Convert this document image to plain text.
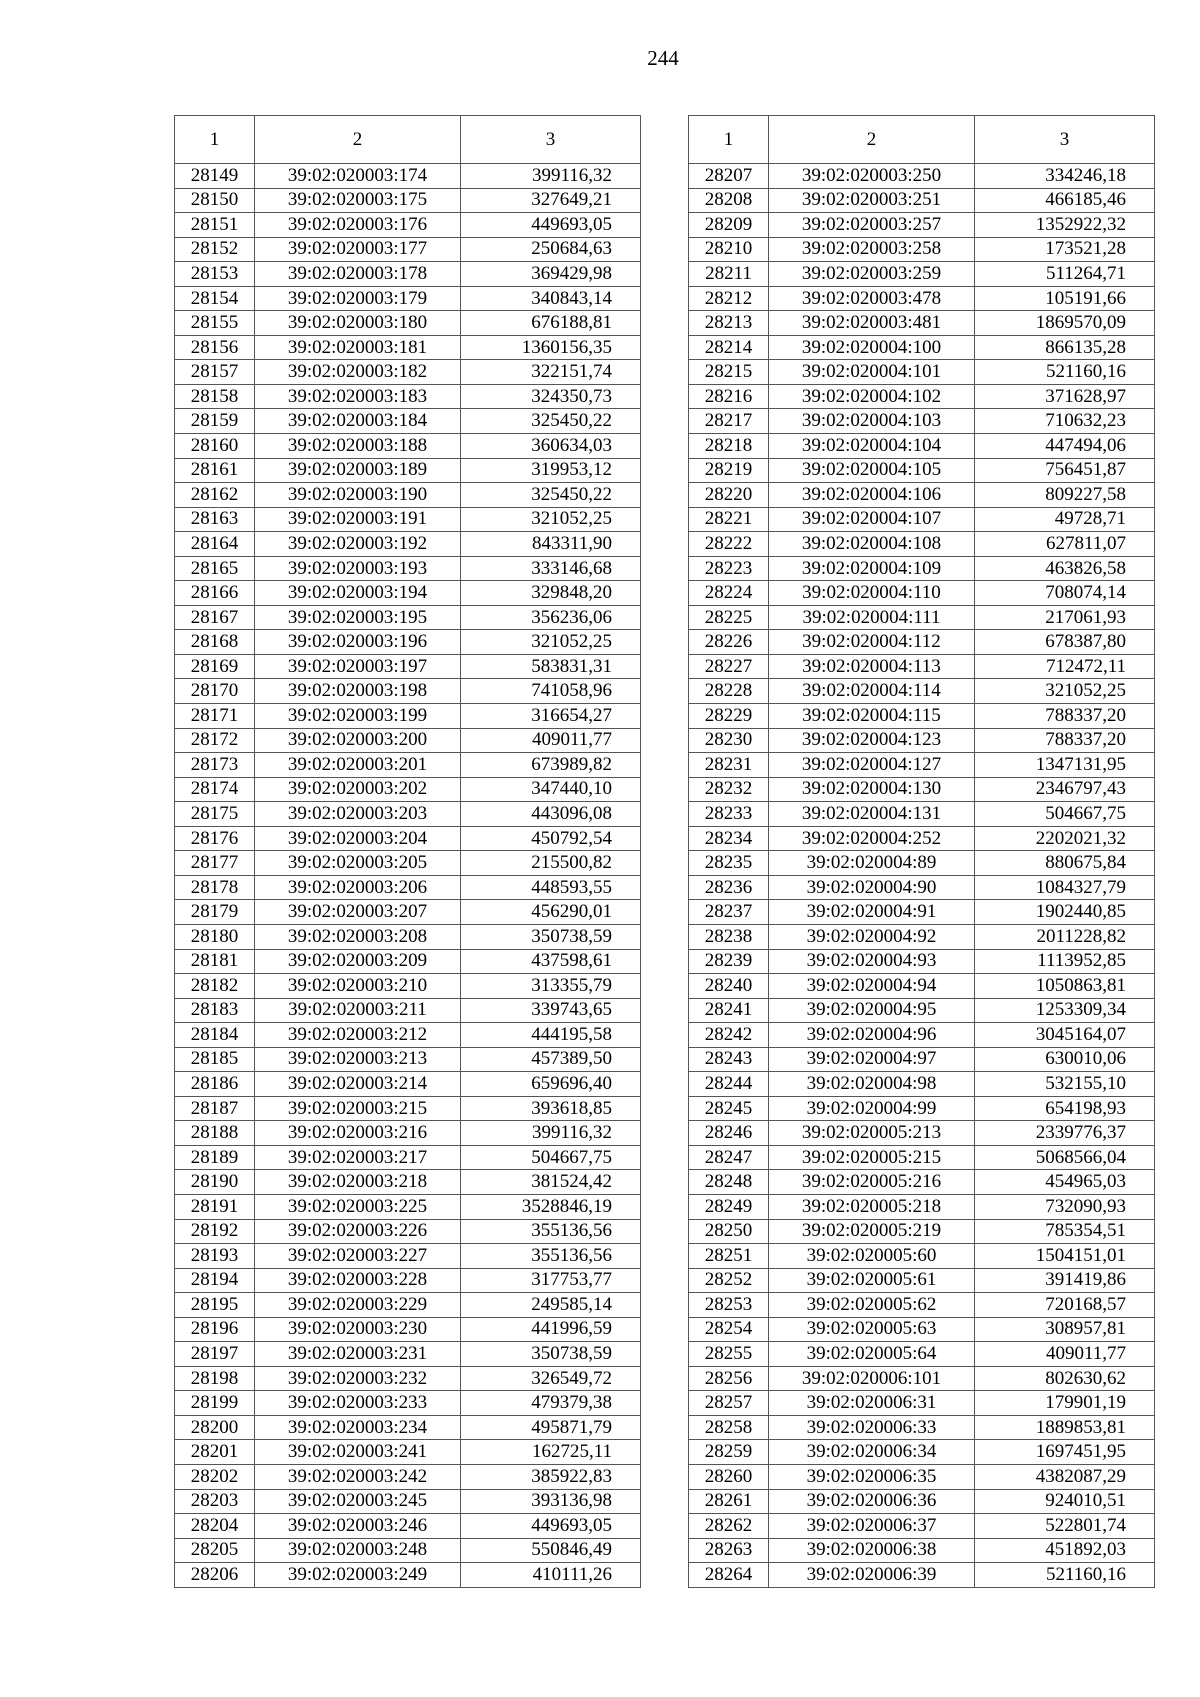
244
1	2	3
28149	39:02:020003:174	399116,32
28150	39:02:020003:175	327649,21
28151	39:02:020003:176	449693,05
28152	39:02:020003:177	250684,63
28153	39:02:020003:178	369429,98
28154	39:02:020003:179	340843,14
28155	39:02:020003:180	676188,81
28156	39:02:020003:181	1360156,35
28157	39:02:020003:182	322151,74
28158	39:02:020003:183	324350,73
28159	39:02:020003:184	325450,22
28160	39:02:020003:188	360634,03
28161	39:02:020003:189	319953,12
28162	39:02:020003:190	325450,22
28163	39:02:020003:191	321052,25
28164	39:02:020003:192	843311,90
28165	39:02:020003:193	333146,68
28166	39:02:020003:194	329848,20
28167	39:02:020003:195	356236,06
28168	39:02:020003:196	321052,25
28169	39:02:020003:197	583831,31
28170	39:02:020003:198	741058,96
28171	39:02:020003:199	316654,27
28172	39:02:020003:200	409011,77
28173	39:02:020003:201	673989,82
28174	39:02:020003:202	347440,10
28175	39:02:020003:203	443096,08
28176	39:02:020003:204	450792,54
28177	39:02:020003:205	215500,82
28178	39:02:020003:206	448593,55
28179	39:02:020003:207	456290,01
28180	39:02:020003:208	350738,59
28181	39:02:020003:209	437598,61
28182	39:02:020003:210	313355,79
28183	39:02:020003:211	339743,65
28184	39:02:020003:212	444195,58
28185	39:02:020003:213	457389,50
28186	39:02:020003:214	659696,40
28187	39:02:020003:215	393618,85
28188	39:02:020003:216	399116,32
28189	39:02:020003:217	504667,75
28190	39:02:020003:218	381524,42
28191	39:02:020003:225	3528846,19
28192	39:02:020003:226	355136,56
28193	39:02:020003:227	355136,56
28194	39:02:020003:228	317753,77
28195	39:02:020003:229	249585,14
28196	39:02:020003:230	441996,59
28197	39:02:020003:231	350738,59
28198	39:02:020003:232	326549,72
28199	39:02:020003:233	479379,38
28200	39:02:020003:234	495871,79
28201	39:02:020003:241	162725,11
28202	39:02:020003:242	385922,83
28203	39:02:020003:245	393136,98
28204	39:02:020003:246	449693,05
28205	39:02:020003:248	550846,49
28206	39:02:020003:249	410111,26
1	2	3
28207	39:02:020003:250	334246,18
28208	39:02:020003:251	466185,46
28209	39:02:020003:257	1352922,32
28210	39:02:020003:258	173521,28
28211	39:02:020003:259	511264,71
28212	39:02:020003:478	105191,66
28213	39:02:020003:481	1869570,09
28214	39:02:020004:100	866135,28
28215	39:02:020004:101	521160,16
28216	39:02:020004:102	371628,97
28217	39:02:020004:103	710632,23
28218	39:02:020004:104	447494,06
28219	39:02:020004:105	756451,87
28220	39:02:020004:106	809227,58
28221	39:02:020004:107	49728,71
28222	39:02:020004:108	627811,07
28223	39:02:020004:109	463826,58
28224	39:02:020004:110	708074,14
28225	39:02:020004:111	217061,93
28226	39:02:020004:112	678387,80
28227	39:02:020004:113	712472,11
28228	39:02:020004:114	321052,25
28229	39:02:020004:115	788337,20
28230	39:02:020004:123	788337,20
28231	39:02:020004:127	1347131,95
28232	39:02:020004:130	2346797,43
28233	39:02:020004:131	504667,75
28234	39:02:020004:252	2202021,32
28235	39:02:020004:89	880675,84
28236	39:02:020004:90	1084327,79
28237	39:02:020004:91	1902440,85
28238	39:02:020004:92	2011228,82
28239	39:02:020004:93	1113952,85
28240	39:02:020004:94	1050863,81
28241	39:02:020004:95	1253309,34
28242	39:02:020004:96	3045164,07
28243	39:02:020004:97	630010,06
28244	39:02:020004:98	532155,10
28245	39:02:020004:99	654198,93
28246	39:02:020005:213	2339776,37
28247	39:02:020005:215	5068566,04
28248	39:02:020005:216	454965,03
28249	39:02:020005:218	732090,93
28250	39:02:020005:219	785354,51
28251	39:02:020005:60	1504151,01
28252	39:02:020005:61	391419,86
28253	39:02:020005:62	720168,57
28254	39:02:020005:63	308957,81
28255	39:02:020005:64	409011,77
28256	39:02:020006:101	802630,62
28257	39:02:020006:31	179901,19
28258	39:02:020006:33	1889853,81
28259	39:02:020006:34	1697451,95
28260	39:02:020006:35	4382087,29
28261	39:02:020006:36	924010,51
28262	39:02:020006:37	522801,74
28263	39:02:020006:38	451892,03
28264	39:02:020006:39	521160,16
